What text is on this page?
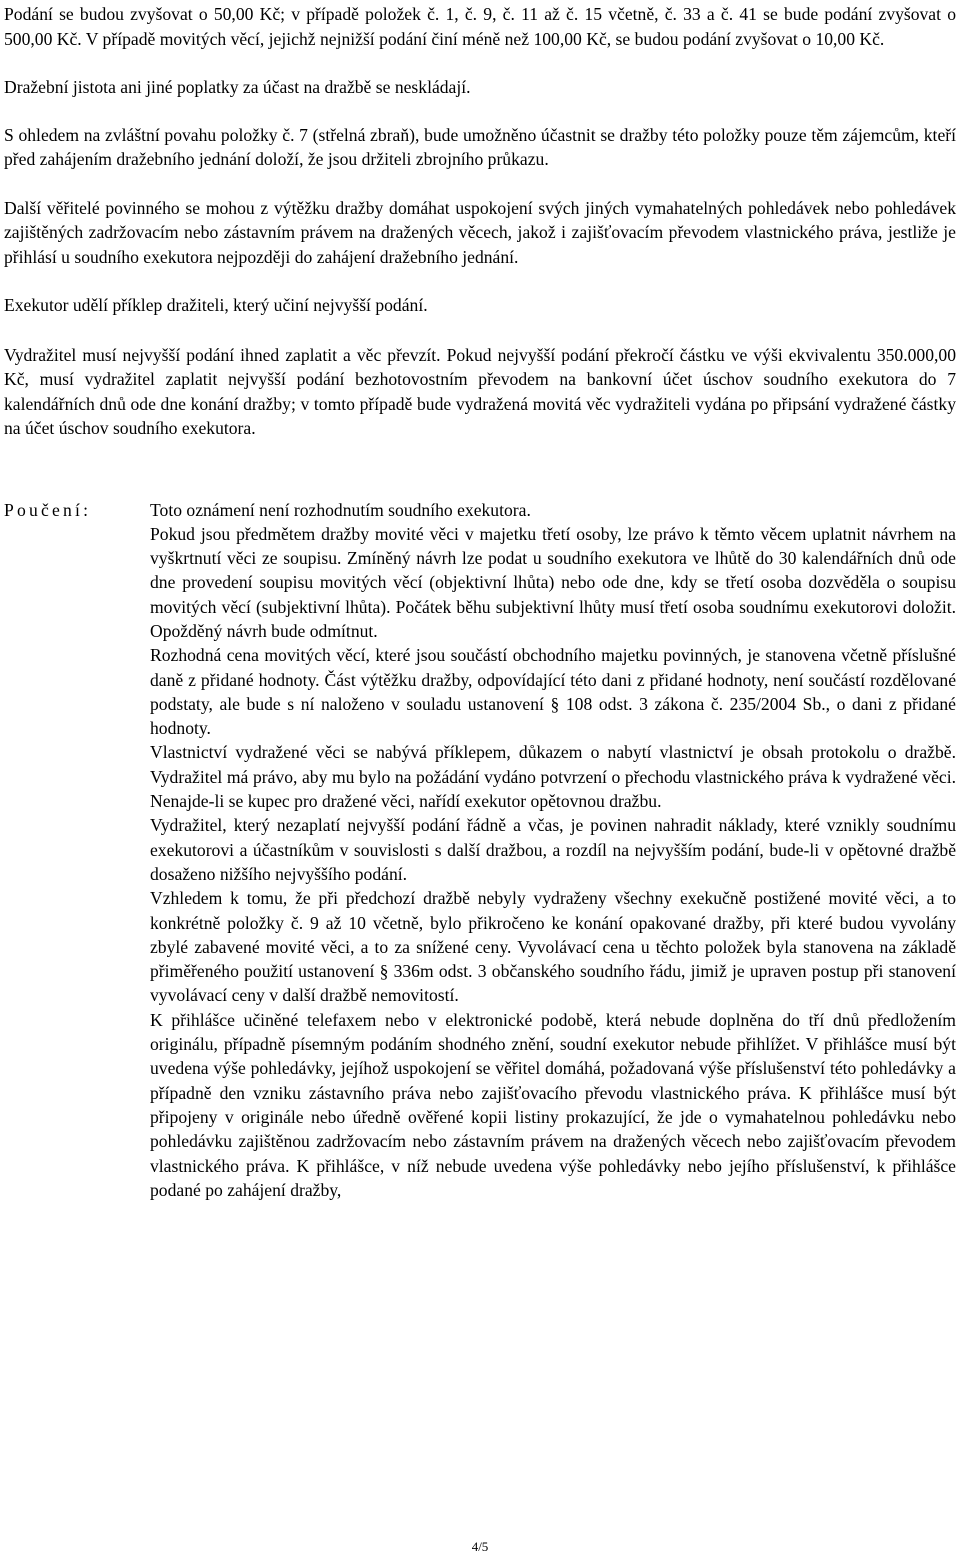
Podání se budou zvyšovat o 50,00 Kč; v případě položek č. 1, č. 9, č. 11 až č. 15 včetně, č. 33 a č. 41 se bude podání zvyšovat o 500,00 Kč. V případě movitých věcí, jejichž nejnižší podání činí méně než 100,00 Kč, se budou podání zvyšovat o 10,00 Kč.

Dražební jistota ani jiné poplatky za účast na dražbě se neskládají.

S ohledem na zvláštní povahu položky č. 7 (střelná zbraň), bude umožněno účastnit se dražby této položky pouze těm zájemcům, kteří před zahájením dražebního jednání doloží, že jsou držiteli zbrojního průkazu.

Další věřitelé povinného se mohou z výtěžku dražby domáhat uspokojení svých jiných vymahatelných pohledávek nebo pohledávek zajištěných zadržovacím nebo zástavním právem na dražených věcech, jakož i zajišťovacím převodem vlastnického práva, jestliže je přihlásí u soudního exekutora nejpozději do zahájení dražebního jednání.

Exekutor udělí příklep dražiteli, který učiní nejvyšší podání.

Vydražitel musí nejvyšší podání ihned zaplatit a věc převzít. Pokud nejvyšší podání překročí částku ve výši ekvivalentu 350.000,00 Kč, musí vydražitel zaplatit nejvyšší podání bezhotovostním převodem na bankovní účet úschov soudního exekutora do 7 kalendářních dnů ode dne konání dražby; v tomto případě bude vydražená movitá věc vydražiteli vydána po připsání vydražené částky na účet úschov soudního exekutora.

Poučení:	Toto oznámení není rozhodnutím soudního exekutora.

Pokud jsou předmětem dražby movité věci v majetku třetí osoby, lze právo k těmto věcem uplatnit návrhem na vyškrtnutí věci ze soupisu. Zmíněný návrh lze podat u soudního exekutora ve lhůtě do 30 kalendářních dnů ode dne provedení soupisu movitých věcí (objektivní lhůta) nebo ode dne, kdy se třetí osoba dozvěděla o soupisu movitých věcí (subjektivní lhůta). Počátek běhu subjektivní lhůty musí třetí osoba soudnímu exekutorovi doložit. Opožděný návrh bude odmítnut.

Rozhodná cena movitých věcí, které jsou součástí obchodního majetku povinných, je stanovena včetně příslušné daně z přidané hodnoty. Část výtěžku dražby, odpovídající této dani z přidané hodnoty, není součástí rozdělované podstaty, ale bude s ní naloženo v souladu ustanovení § 108 odst. 3 zákona č. 235/2004 Sb., o dani z přidané hodnoty.

Vlastnictví vydražené věci se nabývá příklepem, důkazem o nabytí vlastnictví je obsah protokolu o dražbě. Vydražitel má právo, aby mu bylo na požádání vydáno potvrzení o přechodu vlastnického práva k vydražené věci. Nenajde-li se kupec pro dražené věci, nařídí exekutor opětovnou dražbu.

Vydražitel, který nezaplatí nejvyšší podání řádně a včas, je povinen nahradit náklady, které vznikly soudnímu exekutorovi a účastníkům v souvislosti s další dražbou, a rozdíl na nejvyšším podání, bude-li v opětovné dražbě dosaženo nižšího nejvyššího podání.

Vzhledem k tomu, že při předchozí dražbě nebyly vydraženy všechny exekučně postižené movité věci, a to konkrétně položky č. 9 až 10 včetně, bylo přikročeno ke konání opakované dražby, při které budou vyvolány zbylé zabavené movité věci, a to za snížené ceny. Vyvolávací cena u těchto položek byla stanovena na základě přiměřeného použití ustanovení § 336m odst. 3 občanského soudního řádu, jimiž je upraven postup při stanovení vyvolávací ceny v další dražbě nemovitostí.

K přihlášce učiněné telefaxem nebo v elektronické podobě, která nebude doplněna do tří dnů předložením originálu, případně písemným podáním shodného znění, soudní exekutor nebude přihlížet. V přihlášce musí být uvedena výše pohledávky, jejíhož uspokojení se věřitel domáhá, požadovaná výše příslušenství této pohledávky a případně den vzniku zástavního práva nebo zajišťovacího převodu vlastnického práva. K přihlášce musí být připojeny v originále nebo úředně ověřené kopii listiny prokazující, že jde o vymahatelnou pohledávku nebo pohledávku zajištěnou zadržovacím nebo zástavním právem na dražených věcech nebo zajišťovacím převodem vlastnického práva. K přihlášce, v níž nebude uvedena výše pohledávky nebo jejího příslušenství, k přihlášce podané po zahájení dražby,

4/5
